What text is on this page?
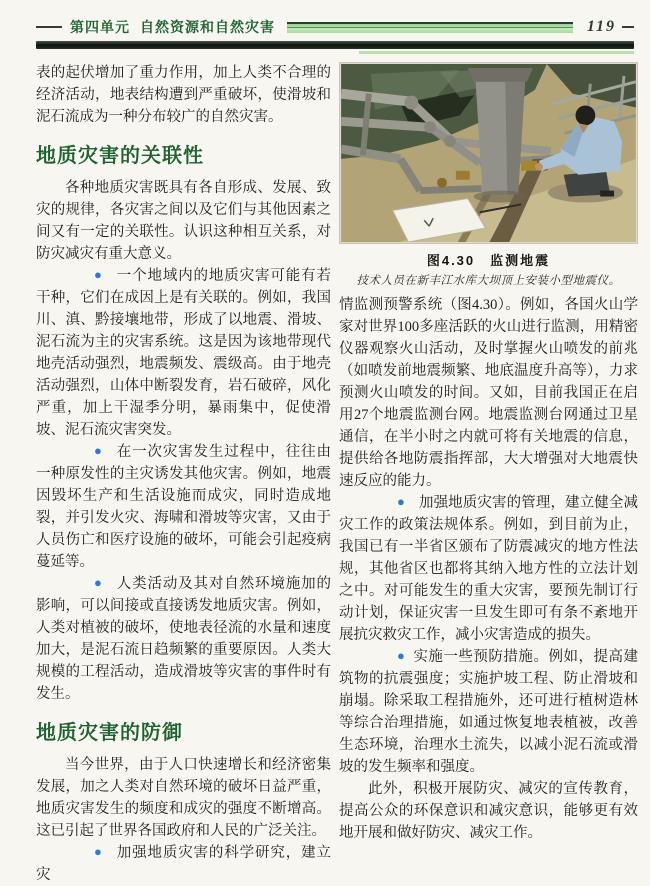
第四单元 自然资源和自然灾害	119

表的起伏增加了重力作用，加上人类不合理的经济活动，地表结构遭到严重破坏，使滑坡和泥石流成为一种分布较广的自然灾害。

地质灾害的关联性

各种地质灾害既具有各自形成、发展、致灾的规律，各灾害之间以及它们与其他因素之间又有一定的关联性。认识这种相互关系，对防灾减灾有重大意义。

● 一个地域内的地质灾害可能有若干种，它们在成因上是有关联的。例如，我国川、滇、黔接壤地带，形成了以地震、滑坡、泥石流为主的灾害系统。这是因为该地带现代地壳活动强烈，地震频发、震级高。由于地壳活动强烈，山体中断裂发育，岩石破碎，风化严重，加上干湿季分明，暴雨集中，促使滑坡、泥石流灾害突发。

● 在一次灾害发生过程中，往往由一种原发性的主灾诱发其他灾害。例如，地震因毁坏生产和生活设施而成灾，同时造成地裂，并引发火灾、海啸和滑坡等灾害，又由于人员伤亡和医疗设施的破坏，可能会引起疫病蔓延等。

● 人类活动及其对自然环境施加的影响，可以间接或直接诱发地质灾害。例如，人类对植被的破坏，使地表径流的水量和速度加大，是泥石流日趋频繁的重要原因。人类大规模的工程活动，造成滑坡等灾害的事件时有发生。

地质灾害的防御

当今世界，由于人口快速增长和经济密集发展，加之人类对自然环境的破坏日益严重，地质灾害发生的频度和成灾的强度不断增高。这已引起了世界各国政府和人民的广泛关注。

● 加强地质灾害的科学研究，建立灾

图4.30　监测地震
技术人员在新丰江水库大坝顶上安装小型地震仪。

情监测预警系统（图4.30）。例如，各国火山学家对世界100多座活跃的火山进行监测，用精密仪器观察火山活动，及时掌握火山喷发的前兆（如喷发前地震频繁、地底温度升高等），力求预测火山喷发的时间。又如，目前我国正在启用27个地震监测台网。地震监测台网通过卫星通信，在半小时之内就可将有关地震的信息，提供给各地防震指挥部，大大增强对大地震快速反应的能力。

● 加强地质灾害的管理，建立健全减灾工作的政策法规体系。例如，到目前为止，我国已有一半省区颁布了防震减灾的地方性法规，其他省区也都将其纳入地方性的立法计划之中。对可能发生的重大灾害，要预先制订行动计划，保证灾害一旦发生即可有条不紊地开展抗灾救灾工作，减小灾害造成的损失。

● 实施一些预防措施。例如，提高建筑物的抗震强度；实施护坡工程、防止滑坡和崩塌。除采取工程措施外，还可进行植树造林等综合治理措施，如通过恢复地表植被，改善生态环境，治理水土流失，以减小泥石流或滑坡的发生频率和强度。

此外，积极开展防灾、减灾的宣传教育，提高公众的环保意识和减灾意识，能够更有效地开展和做好防灾、减灾工作。
